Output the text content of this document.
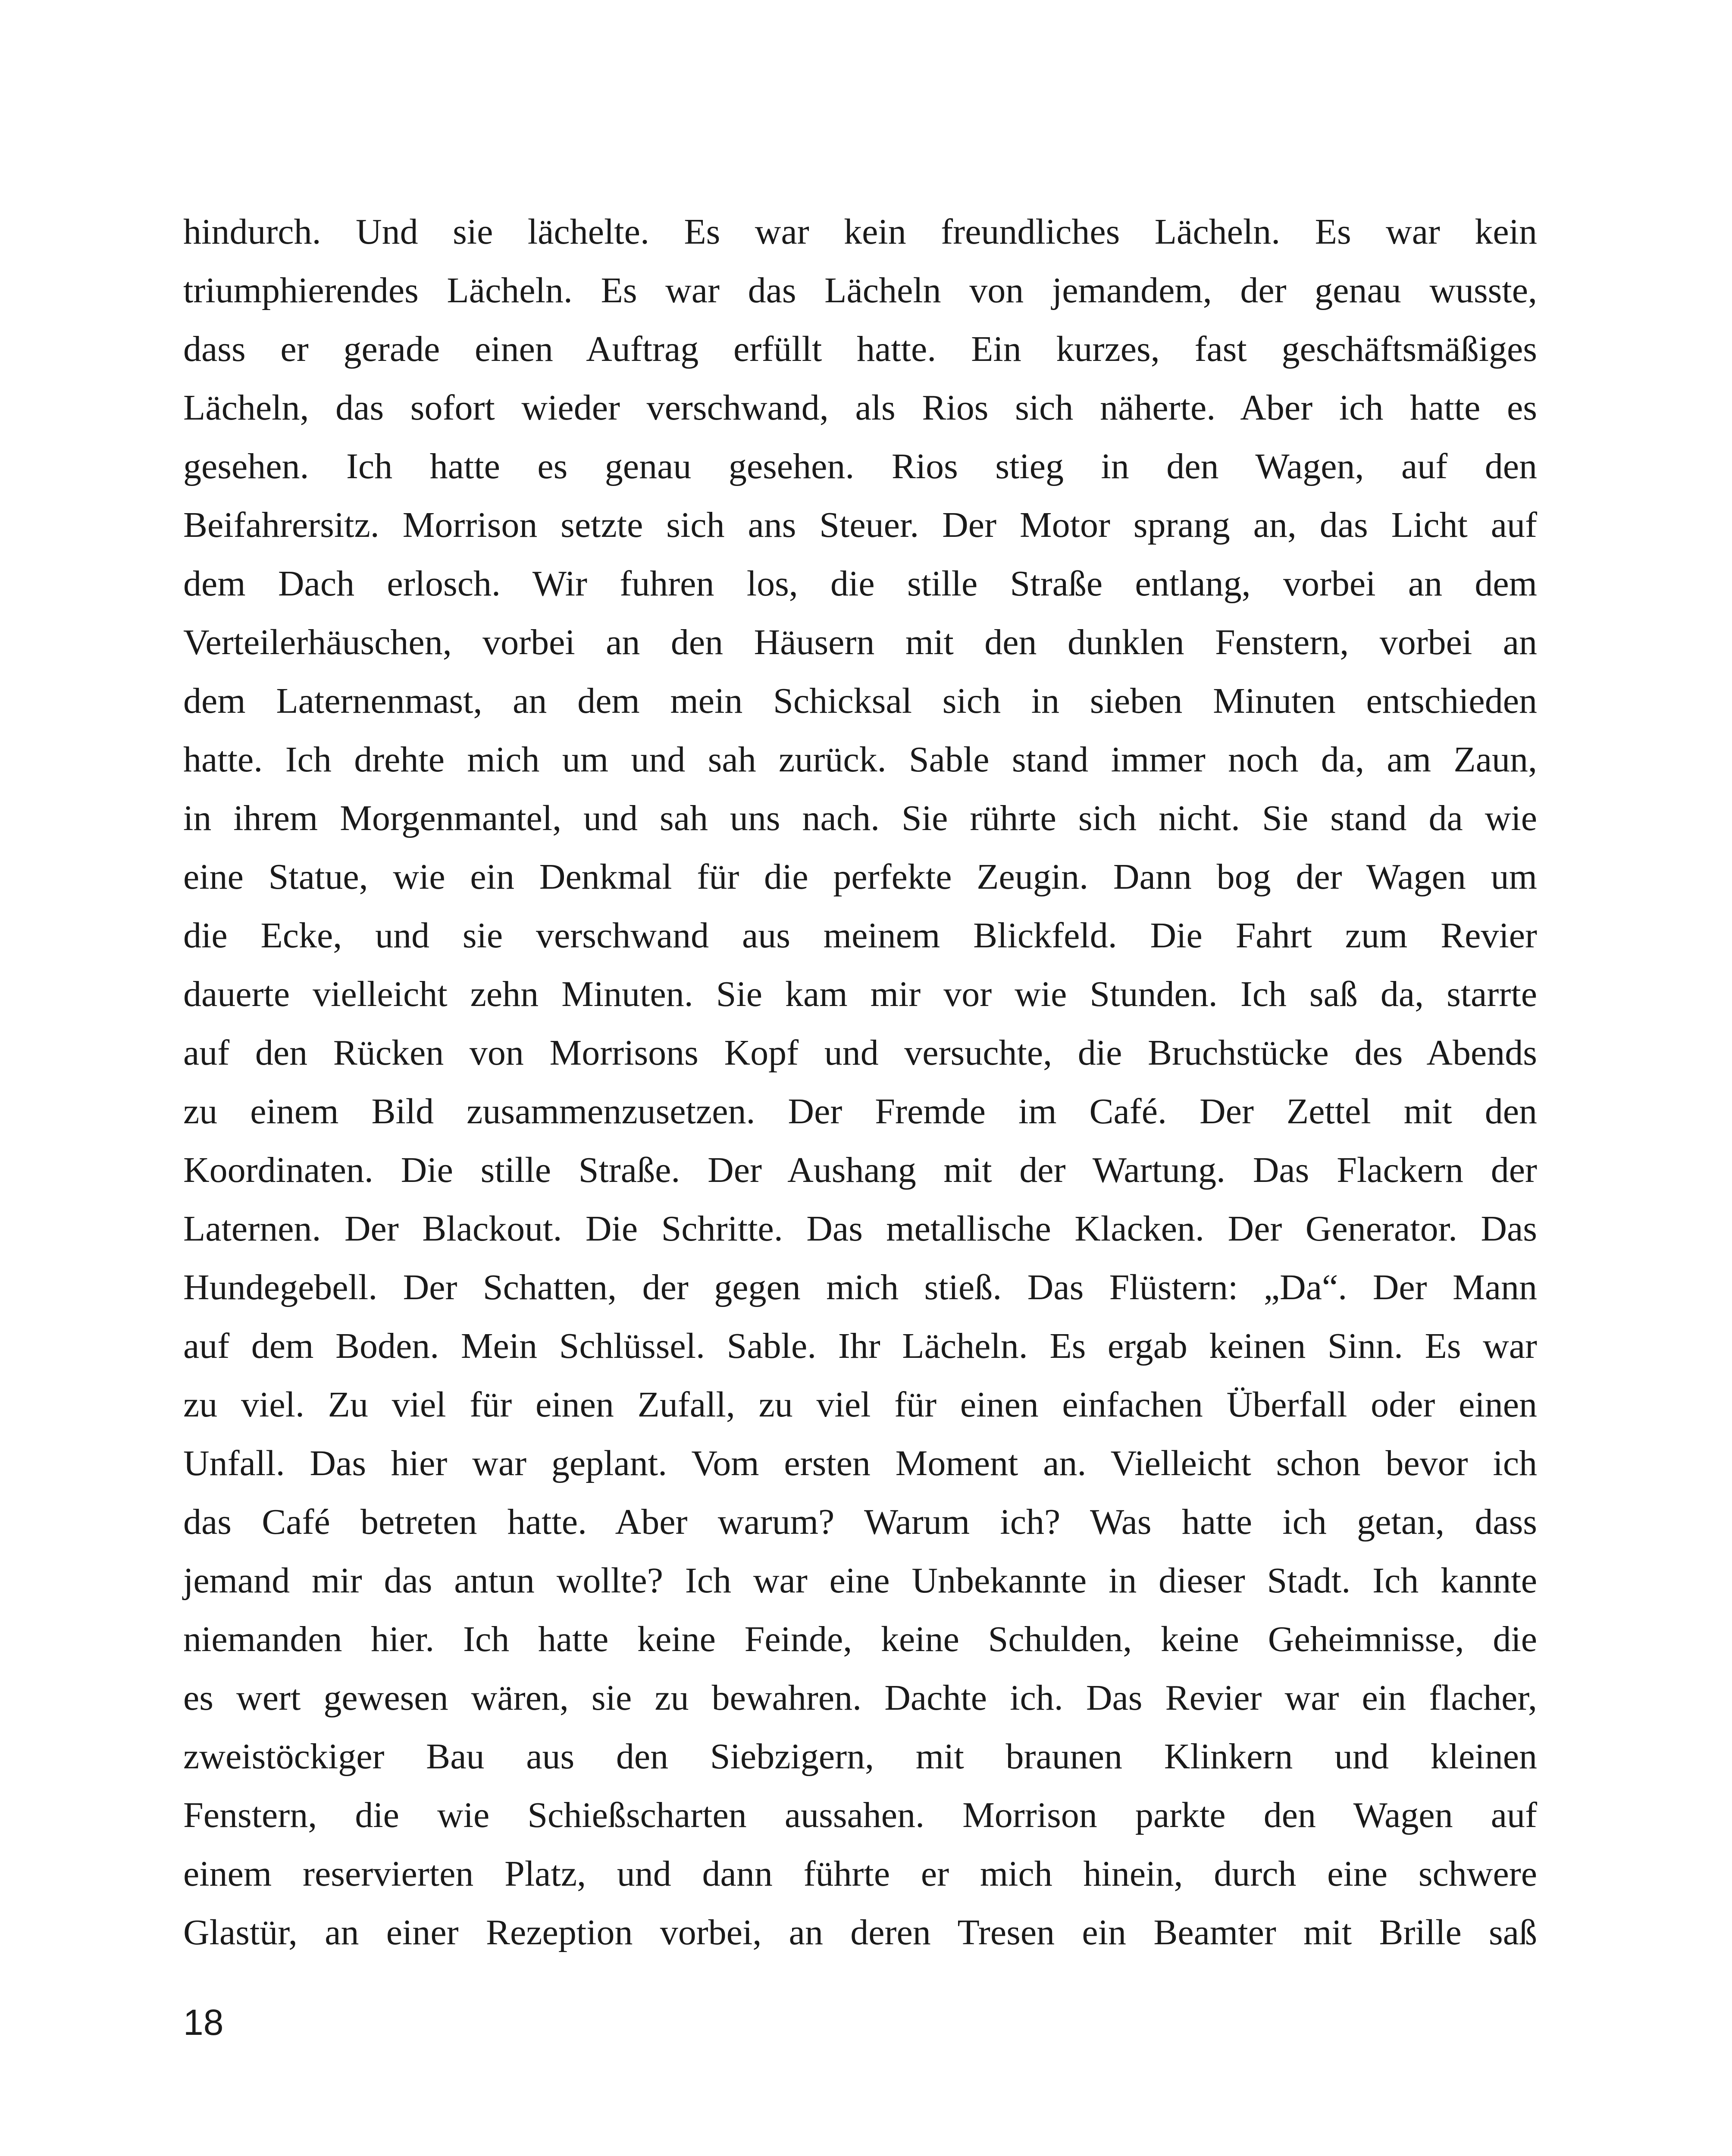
hindurch. Und sie lächelte. Es war kein freundliches Lächeln. Es war kein
triumphierendes Lächeln. Es war das Lächeln von jemandem, der genau wusste,
dass er gerade einen Auftrag erfüllt hatte. Ein kurzes, fast geschäftsmäßiges
Lächeln, das sofort wieder verschwand, als Rios sich näherte. Aber ich hatte es
gesehen. Ich hatte es genau gesehen. Rios stieg in den Wagen, auf den
Beifahrersitz. Morrison setzte sich ans Steuer. Der Motor sprang an, das Licht auf
dem Dach erlosch. Wir fuhren los, die stille Straße entlang, vorbei an dem
Verteilerhäuschen, vorbei an den Häusern mit den dunklen Fenstern, vorbei an
dem Laternenmast, an dem mein Schicksal sich in sieben Minuten entschieden
hatte. Ich drehte mich um und sah zurück. Sable stand immer noch da, am Zaun,
in ihrem Morgenmantel, und sah uns nach. Sie rührte sich nicht. Sie stand da wie
eine Statue, wie ein Denkmal für die perfekte Zeugin. Dann bog der Wagen um
die Ecke, und sie verschwand aus meinem Blickfeld. Die Fahrt zum Revier
dauerte vielleicht zehn Minuten. Sie kam mir vor wie Stunden. Ich saß da, starrte
auf den Rücken von Morrisons Kopf und versuchte, die Bruchstücke des Abends
zu einem Bild zusammenzusetzen. Der Fremde im Café. Der Zettel mit den
Koordinaten. Die stille Straße. Der Aushang mit der Wartung. Das Flackern der
Laternen. Der Blackout. Die Schritte. Das metallische Klacken. Der Generator. Das
Hundegebell. Der Schatten, der gegen mich stieß. Das Flüstern: „Da“. Der Mann
auf dem Boden. Mein Schlüssel. Sable. Ihr Lächeln. Es ergab keinen Sinn. Es war
zu viel. Zu viel für einen Zufall, zu viel für einen einfachen Überfall oder einen
Unfall. Das hier war geplant. Vom ersten Moment an. Vielleicht schon bevor ich
das Café betreten hatte. Aber warum? Warum ich? Was hatte ich getan, dass
jemand mir das antun wollte? Ich war eine Unbekannte in dieser Stadt. Ich kannte
niemanden hier. Ich hatte keine Feinde, keine Schulden, keine Geheimnisse, die
es wert gewesen wären, sie zu bewahren. Dachte ich. Das Revier war ein flacher,
zweistöckiger Bau aus den Siebzigern, mit braunen Klinkern und kleinen
Fenstern, die wie Schießscharten aussahen. Morrison parkte den Wagen auf
einem reservierten Platz, und dann führte er mich hinein, durch eine schwere
Glastür, an einer Rezeption vorbei, an deren Tresen ein Beamter mit Brille saß
18
